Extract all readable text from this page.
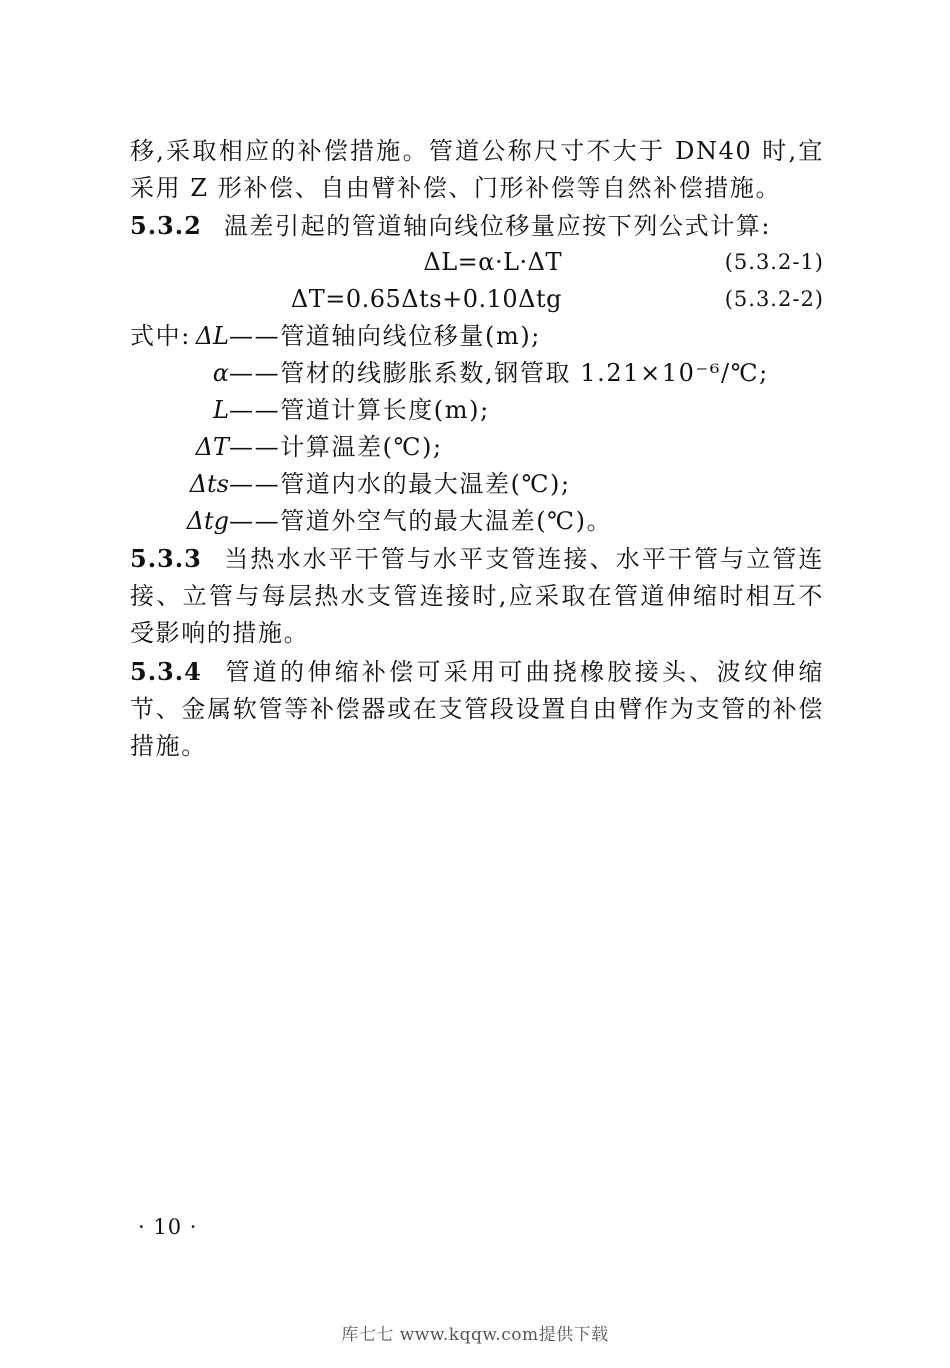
移,采取相应的补偿措施。管道公称尺寸不大于 DN40 时,宜采用 Z 形补偿、自由臂补偿、门形补偿等自然补偿措施。

5.3.2 温差引起的管道轴向线位移量应按下列公式计算:

ΔL=α·L·ΔT	(5.3.2-1)
ΔT=0.65Δts+0.10Δtg	(5.3.2-2)
式中: ΔL ——管道轴向线位移量(m);
α ——管材的线膨胀系数,钢管取 1.21×10⁻⁶/℃;
L ——管道计算长度(m);
ΔT ——计算温差(℃);
Δts ——管道内水的最大温差(℃);
Δtg ——管道外空气的最大温差(℃)。

5.3.3 当热水水平干管与水平支管连接、水平干管与立管连接、立管与每层热水支管连接时,应采取在管道伸缩时相互不受影响的措施。

5.3.4 管道的伸缩补偿可采用可曲挠橡胶接头、波纹伸缩节、金属软管等补偿器或在支管段设置自由臂作为支管的补偿措施。

· 10 ·
库七七 www.kqqw.com提供下载
